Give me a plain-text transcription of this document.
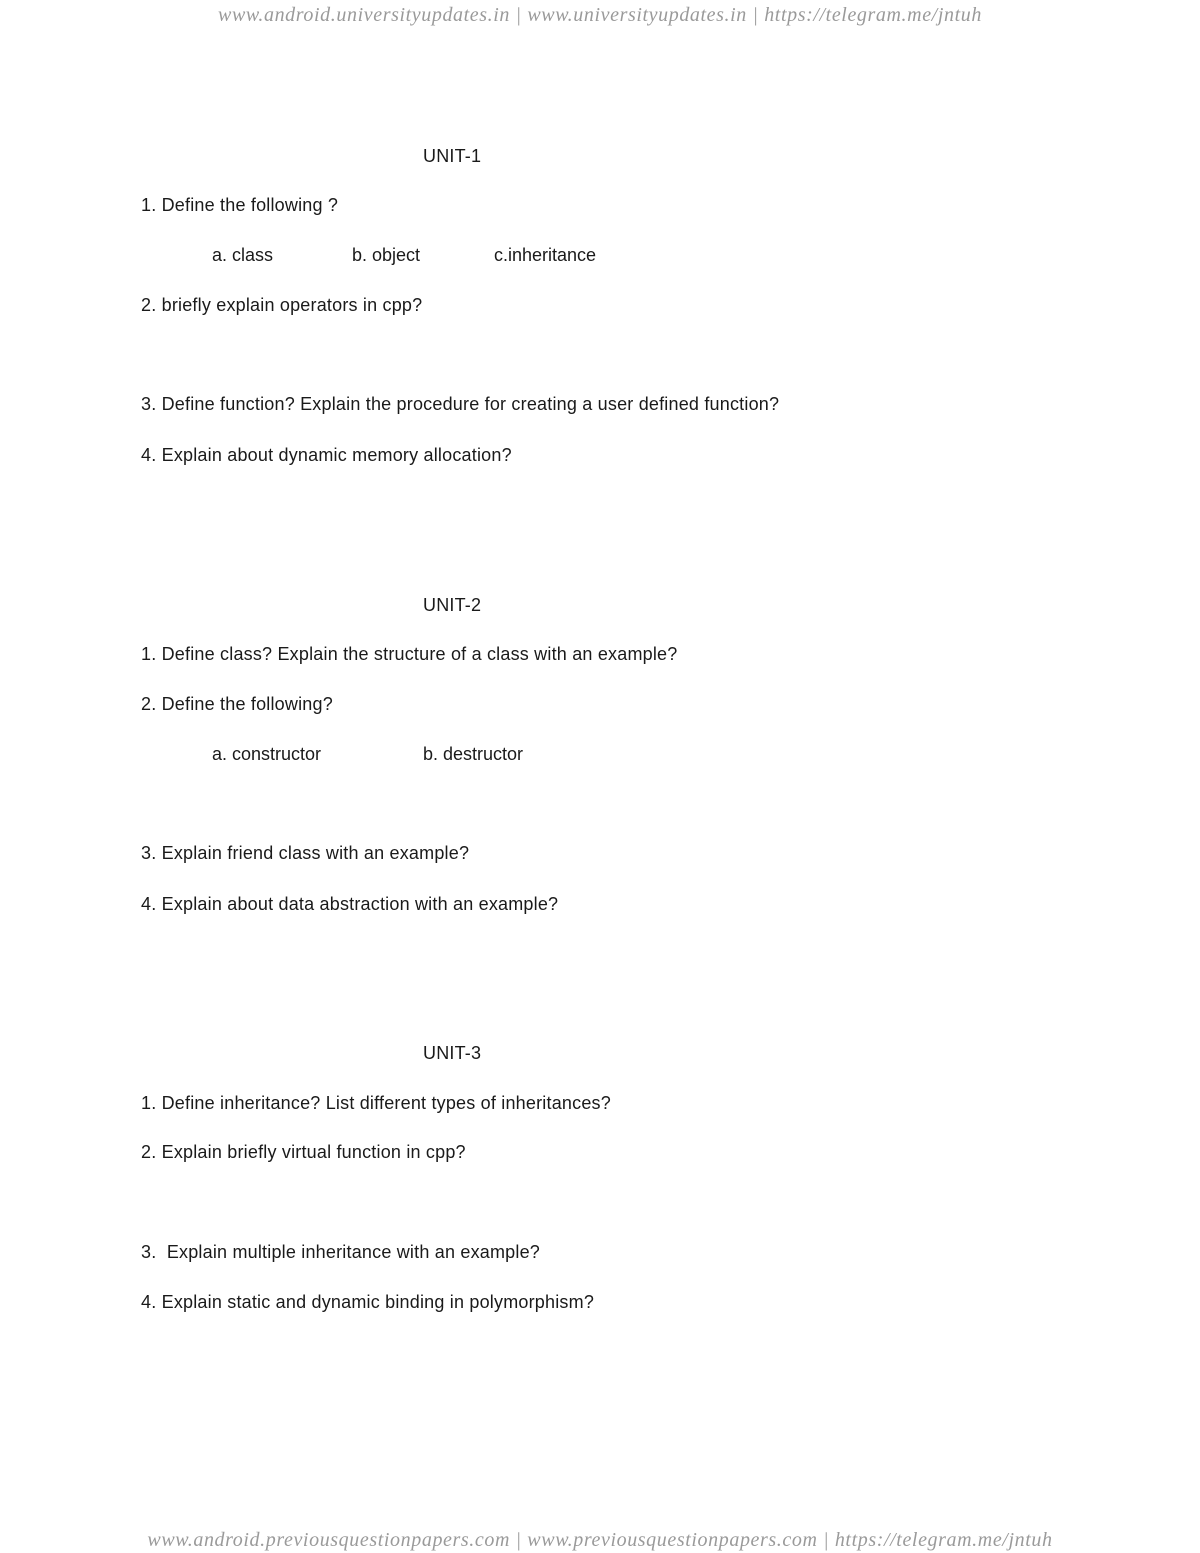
www.android.universityupdates.in | www.universityupdates.in | https://telegram.me/jntuh
UNIT-1
1. Define the following ?
a. class	b. object	c.inheritance
2. briefly explain operators in cpp?
3. Define function? Explain the procedure for creating a user defined function?
4. Explain about dynamic memory allocation?
UNIT-2
1. Define class? Explain the structure of a class with an example?
2. Define the following?
a. constructor	b. destructor
3. Explain friend class with an example?
4. Explain about data abstraction with an example?
UNIT-3
1. Define inheritance? List different types of inheritances?
2. Explain briefly virtual function in cpp?
3.  Explain multiple inheritance with an example?
4. Explain static and dynamic binding in polymorphism?
www.android.previousquestionpapers.com | www.previousquestionpapers.com | https://telegram.me/jntuh
